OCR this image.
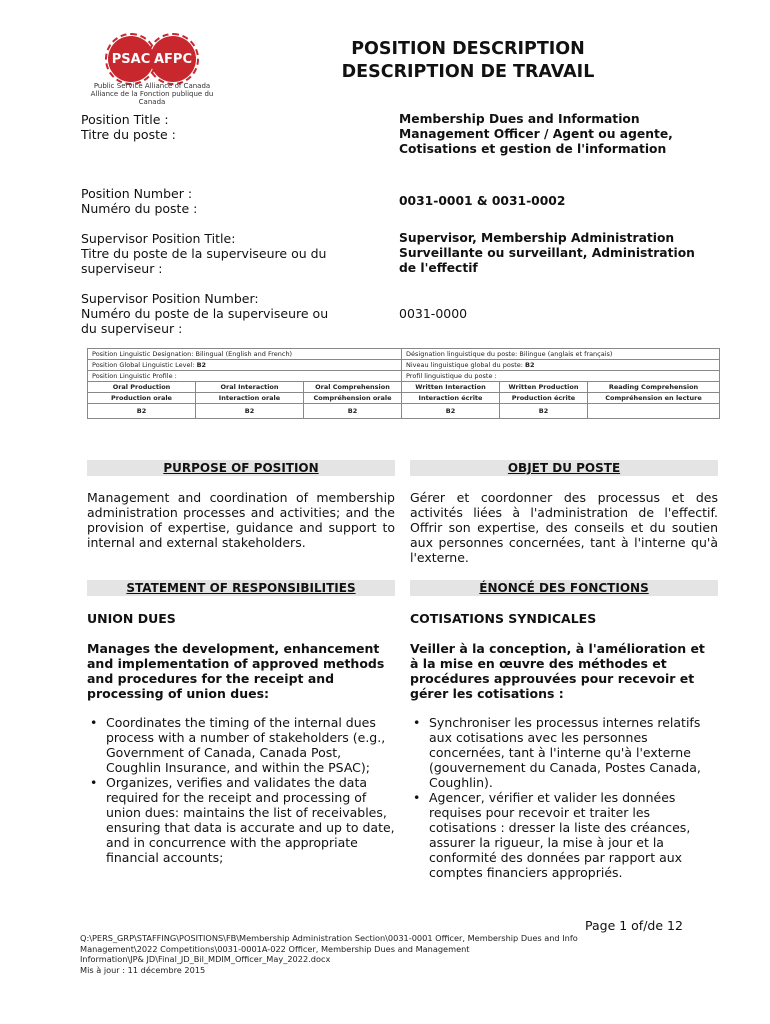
PSAC AFPC
Public Service Alliance of Canada
Alliance de la Fonction publique du Canada
POSITION DESCRIPTION
DESCRIPTION DE TRAVAIL
Position Title :
Titre du poste :
Membership Dues and Information
Management Officer / Agent ou agente,
Cotisations et gestion de l'information
Position Number :
Numéro du poste :	0031-0001 & 0031-0002
Supervisor Position Title:
Titre du poste de la superviseure ou du
superviseur :
Supervisor, Membership Administration
Surveillante ou surveillant, Administration
de l'effectif
Supervisor Position Number:
Numéro du poste de la superviseure ou
du superviseur :
0031-0000
Position Linguistic Designation: Bilingual (English and French)			Désignation linguistique du poste: Bilingue (anglais et français)		
Position Global Linguistic Level: B2			Niveau linguistique global du poste: B2		
Position Linguistic Profile :			Profil linguistique du poste :		
Oral Production	Oral Interaction	Oral Comprehension	Written Interaction	Written Production	Reading Comprehension
Production orale	Interaction orale	Compréhension orale	Interaction écrite	Production écrite	Compréhension en lecture
B2	B2	B2	B2	B2	
PURPOSE OF POSITION	OBJET DU POSTE
Management and coordination of membership administration processes and activities; and the provision of expertise, guidance and support to internal and external stakeholders.
Gérer et coordonner des processus et des activités liées à l'administration de l'effectif. Offrir son expertise, des conseils et du soutien aux personnes concernées, tant à l'interne qu'à l'externe.
STATEMENT OF RESPONSIBILITIES	ÉNONCÉ DES FONCTIONS
UNION DUES	COTISATIONS SYNDICALES
Manages the development, enhancement and implementation of approved methods and procedures for the receipt and processing of union dues:
Veiller à la conception, à l'amélioration et à la mise en œuvre des méthodes et procédures approuvées pour recevoir et gérer les cotisations :
• Coordinates the timing of the internal dues process with a number of stakeholders (e.g., Government of Canada, Canada Post, Coughlin Insurance, and within the PSAC);
• Organizes, verifies and validates the data required for the receipt and processing of union dues: maintains the list of receivables, ensuring that data is accurate and up to date, and in concurrence with the appropriate financial accounts;
• Synchroniser les processus internes relatifs aux cotisations avec les personnes concernées, tant à l'interne qu'à l'externe (gouvernement du Canada, Postes Canada, Coughlin).
• Agencer, vérifier et valider les données requises pour recevoir et traiter les cotisations : dresser la liste des créances, assurer la rigueur, la mise à jour et la conformité des données par rapport aux comptes financiers appropriés.
Page 1 of/de 12
Q:\PERS_GRP\STAFFING\POSITIONS\FB\Membership Administration Section\0031-0001 Officer, Membership Dues and Info
Management\2022 Competitions\0031-0001A-022 Officer, Membership Dues and Management
Information\JP& JD\Final_JD_Bil_MDIM_Officer_May_2022.docx
Mis à jour : 11 décembre 2015
